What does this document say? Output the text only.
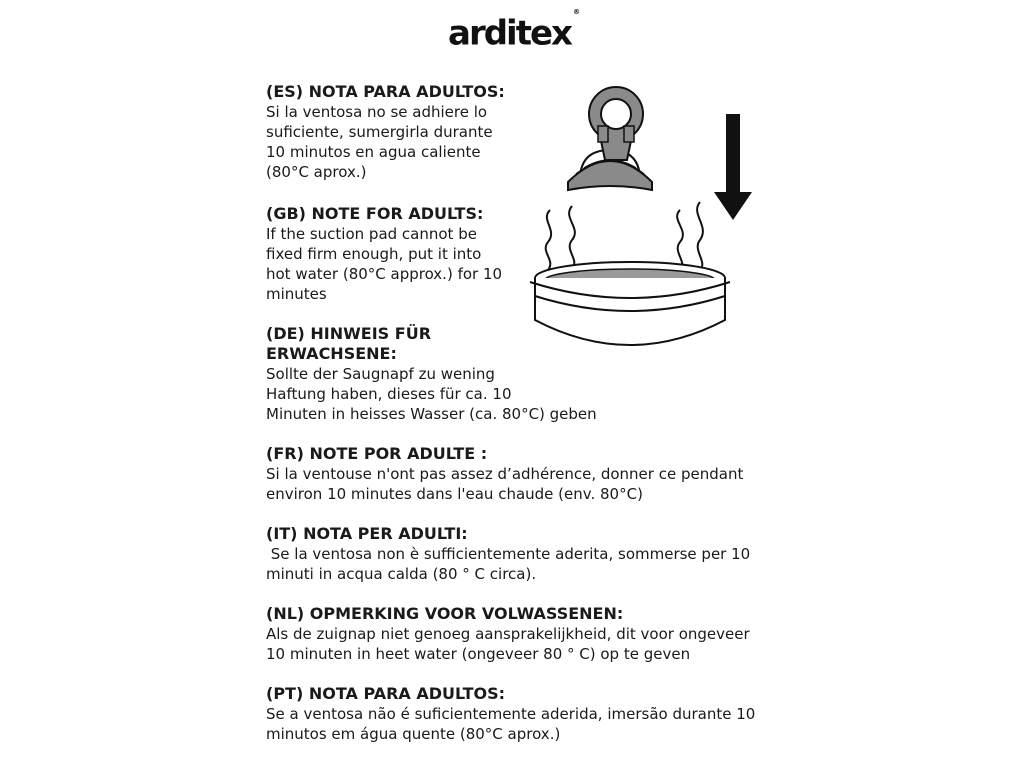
arditex®
(ES) NOTA PARA ADULTOS:

Si la ventosa no se adhiere lo

suficiente, sumergirla durante

10 minutos en agua caliente

(80°C aprox.)

(GB) NOTE FOR ADULTS:

If the suction pad cannot be

fixed firm enough, put it into

hot water (80°C approx.) for 10

minutes

(DE) HINWEIS FÜR
ERWACHSENE:

Sollte der Saugnapf zu wening

Haftung haben, dieses für ca. 10

Minuten in heisses Wasser (ca. 80°C) geben

(FR) NOTE POR ADULTE :

Si la ventouse n'ont pas assez d’adhérence, donner ce pendant

environ 10 minutes dans l'eau chaude (env. 80°C)

(IT) NOTA PER ADULTI:

Se la ventosa non è sufficientemente aderita, sommerse per 10

minuti in acqua calda (80 ° C circa).

(NL) OPMERKING VOOR VOLWASSENEN:

Als de zuignap niet genoeg aansprakelijkheid, dit voor ongeveer

10 minuten in heet water (ongeveer 80 ° C) op te geven

(PT) NOTA PARA ADULTOS:

Se a ventosa não é suficientemente aderida, imersão durante 10

minutos em água quente (80°C aprox.)
